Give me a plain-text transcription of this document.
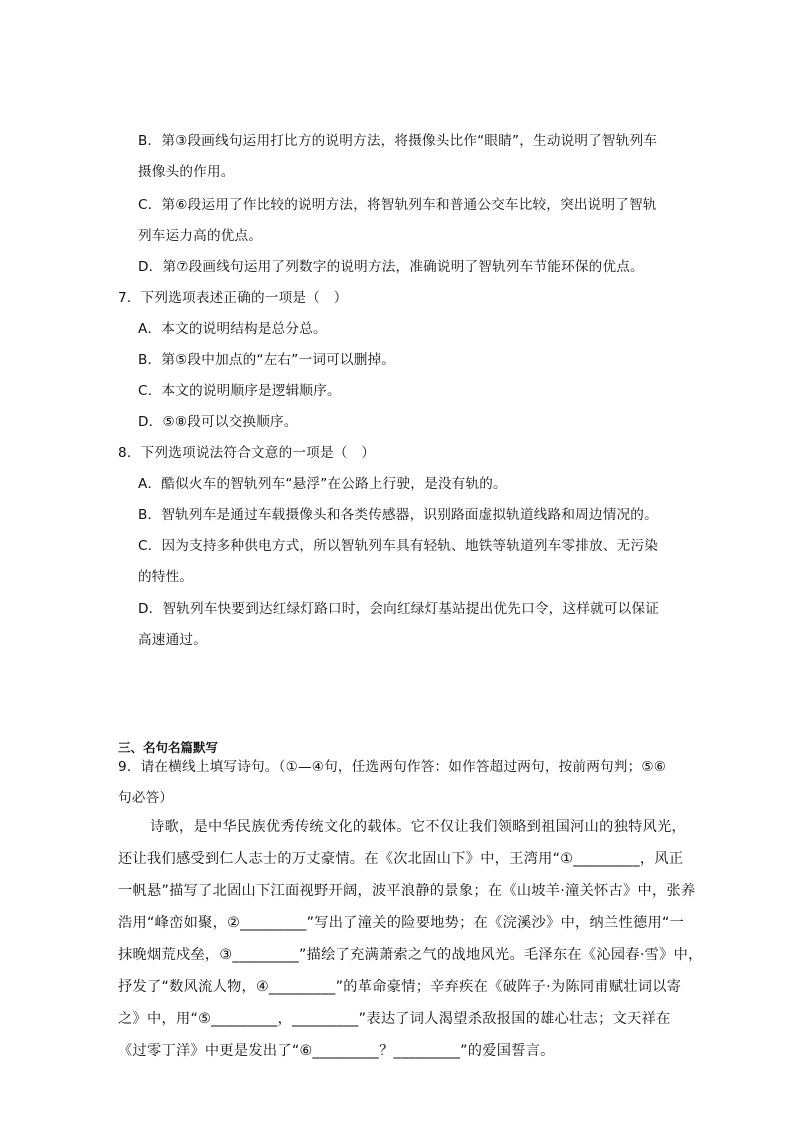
B．第③段画线句运用打比方的说明方法，将摄像头比作“眼睛”，生动说明了智轨列车
摄像头的作用。
C．第⑥段运用了作比较的说明方法，将智轨列车和普通公交车比较，突出说明了智轨
列车运力高的优点。
D．第⑦段画线句运用了列数字的说明方法，准确说明了智轨列车节能环保的优点。
7．下列选项表述正确的一项是（　）
A．本文的说明结构是总分总。
B．第⑤段中加点的“左右”一词可以删掉。
C．本文的说明顺序是逻辑顺序。
D．⑤⑧段可以交换顺序。
8．下列选项说法符合文意的一项是（　）
A．酷似火车的智轨列车“悬浮”在公路上行驶，是没有轨的。
B．智轨列车是通过车载摄像头和各类传感器，识别路面虚拟轨道线路和周边情况的。
C．因为支持多种供电方式，所以智轨列车具有轻轨、地铁等轨道列车零排放、无污染
的特性。
D．智轨列车快要到达红绿灯路口时，会向红绿灯基站提出优先口令，这样就可以保证
高速通过。
三、名句名篇默写
9．请在横线上填写诗句。（①—④句，任选两句作答：如作答超过两句，按前两句判；⑤⑥
句必答）
诗歌，是中华民族优秀传统文化的载体。它不仅让我们领略到祖国河山的独特风光，
还让我们感受到仁人志士的万丈豪情。在《次北固山下》中，王湾用“①_________，风正
一帆悬”描写了北固山下江面视野开阔，波平浪静的景象；在《山坡羊·潼关怀古》中，张养
浩用“峰峦如聚，②_________”写出了潼关的险要地势；在《浣溪沙》中，纳兰性德用“一
抹晚烟荒戍垒，③_________”描绘了充满萧索之气的战地风光。毛泽东在《沁园春·雪》中，
抒发了“数风流人物，④_________”的革命豪情；辛弃疾在《破阵子·为陈同甫赋壮词以寄
之》中，用“⑤_________，_________”表达了词人渴望杀敌报国的雄心壮志；文天祥在
《过零丁洋》中更是发出了“⑥_________？_________”的爱国誓言。
